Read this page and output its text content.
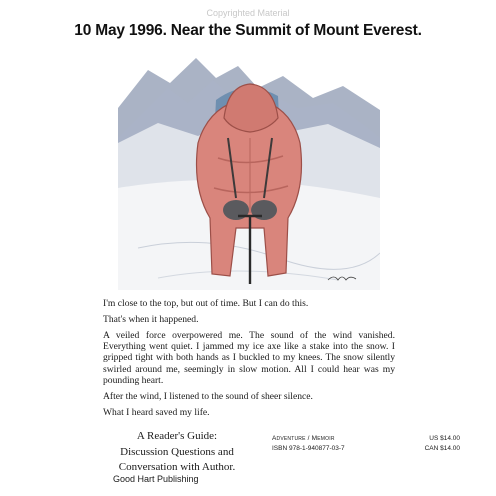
Copyrighted Material
10 May 1996. Near the Summit of Mount Everest.

I'm close to the top, but out of time. But I can do this.

That's when it happened.

A veiled force overpowered me. The sound of the wind vanished. Everything went quiet. I jammed my ice axe like a stake into the snow. I gripped tight with both hands as I buckled to my knees. The snow silently swirled around me, seemingly in slow motion. All I could hear was my pounding heart.

After the wind, I listened to the sound of sheer silence.

What I heard saved my life.

A Reader's Guide:
Discussion Questions and
Conversation with Author.
Good Hart Publishing
Adventure / Memoir	US $14.00
ISBN 978-1-940877-03-7	CAN $14.00
